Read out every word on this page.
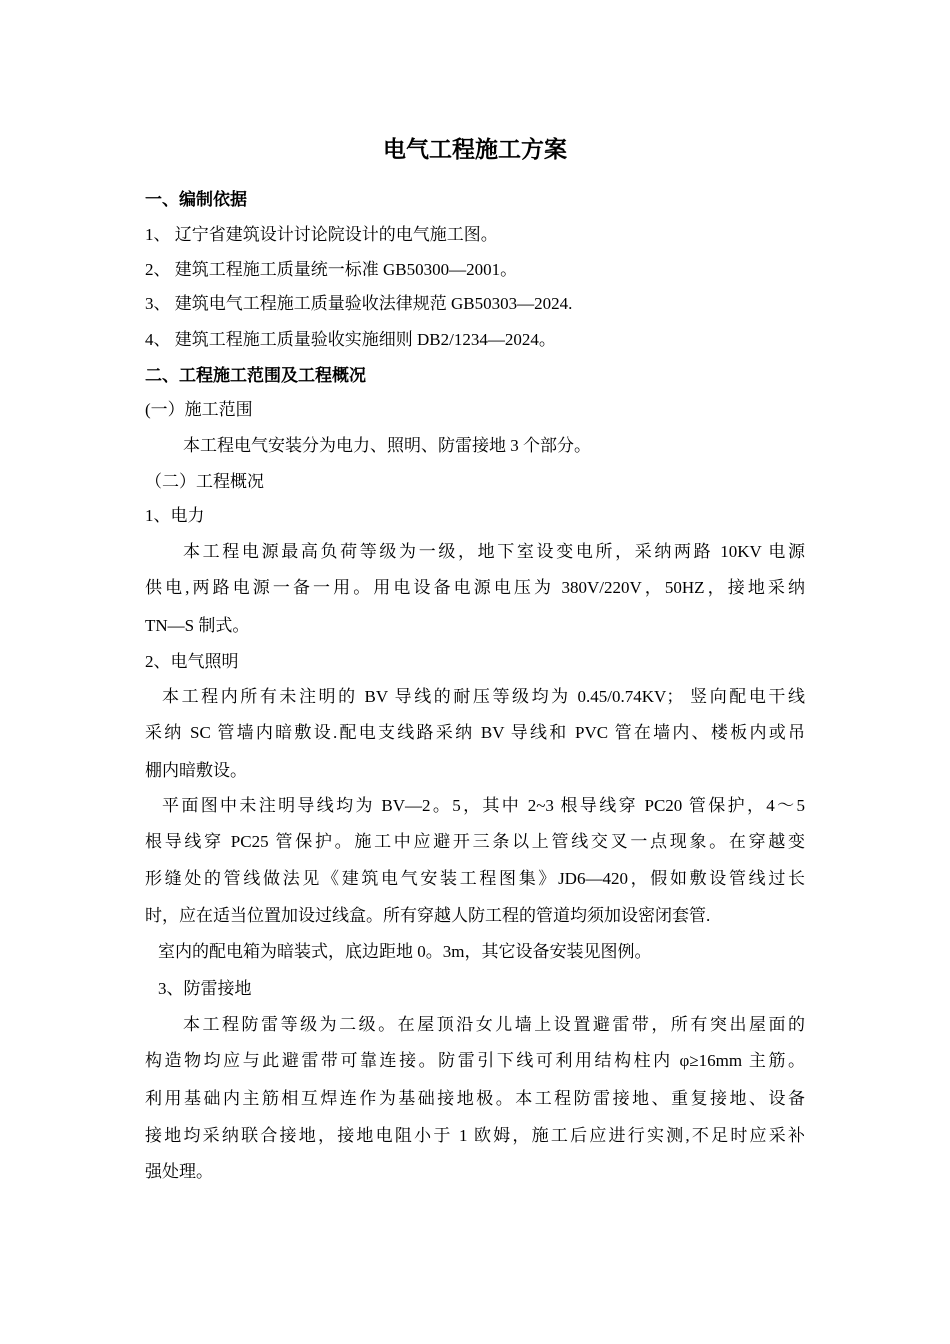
电气工程施工方案
一、编制依据
1、 辽宁省建筑设计讨论院设计的电气施工图。
2、 建筑工程施工质量统一标准 GB50300—2001。
3、 建筑电气工程施工质量验收法律规范 GB50303—2024.
4、 建筑工程施工质量验收实施细则 DB2/1234—2024。
二、工程施工范围及工程概况
(一）施工范围
本工程电气安装分为电力、照明、防雷接地 3 个部分。
（二）工程概况
1、电力
本工程电源最高负荷等级为一级，地下室设变电所，采纳两路 10KV 电源
供电,两路电源一备一用。用电设备电源电压为 380V/220V，50HZ，接地采纳
TN—S 制式。
2、电气照明
本工程内所有未注明的 BV 导线的耐压等级均为 0.45/0.74KV； 竖向配电干线
采纳 SC 管墙内暗敷设.配电支线路采纳 BV 导线和 PVC 管在墙内、楼板内或吊
棚内暗敷设。
平面图中未注明导线均为 BV—2。5，其中 2~3 根导线穿 PC20 管保护，4～5
根导线穿 PC25 管保护。施工中应避开三条以上管线交叉一点现象。在穿越变
形缝处的管线做法见《建筑电气安装工程图集》JD6—420，假如敷设管线过长
时，应在适当位置加设过线盒。所有穿越人防工程的管道均须加设密闭套管.
室内的配电箱为暗装式，底边距地 0。3m，其它设备安装见图例。
3、防雷接地
本工程防雷等级为二级。在屋顶沿女儿墙上设置避雷带，所有突出屋面的
构造物均应与此避雷带可靠连接。防雷引下线可利用结构柱内 φ≥16mm 主筋。
利用基础内主筋相互焊连作为基础接地极。本工程防雷接地、重复接地、设备
接地均采纳联合接地，接地电阻小于 1 欧姆，施工后应进行实测,不足时应采补
强处理。
